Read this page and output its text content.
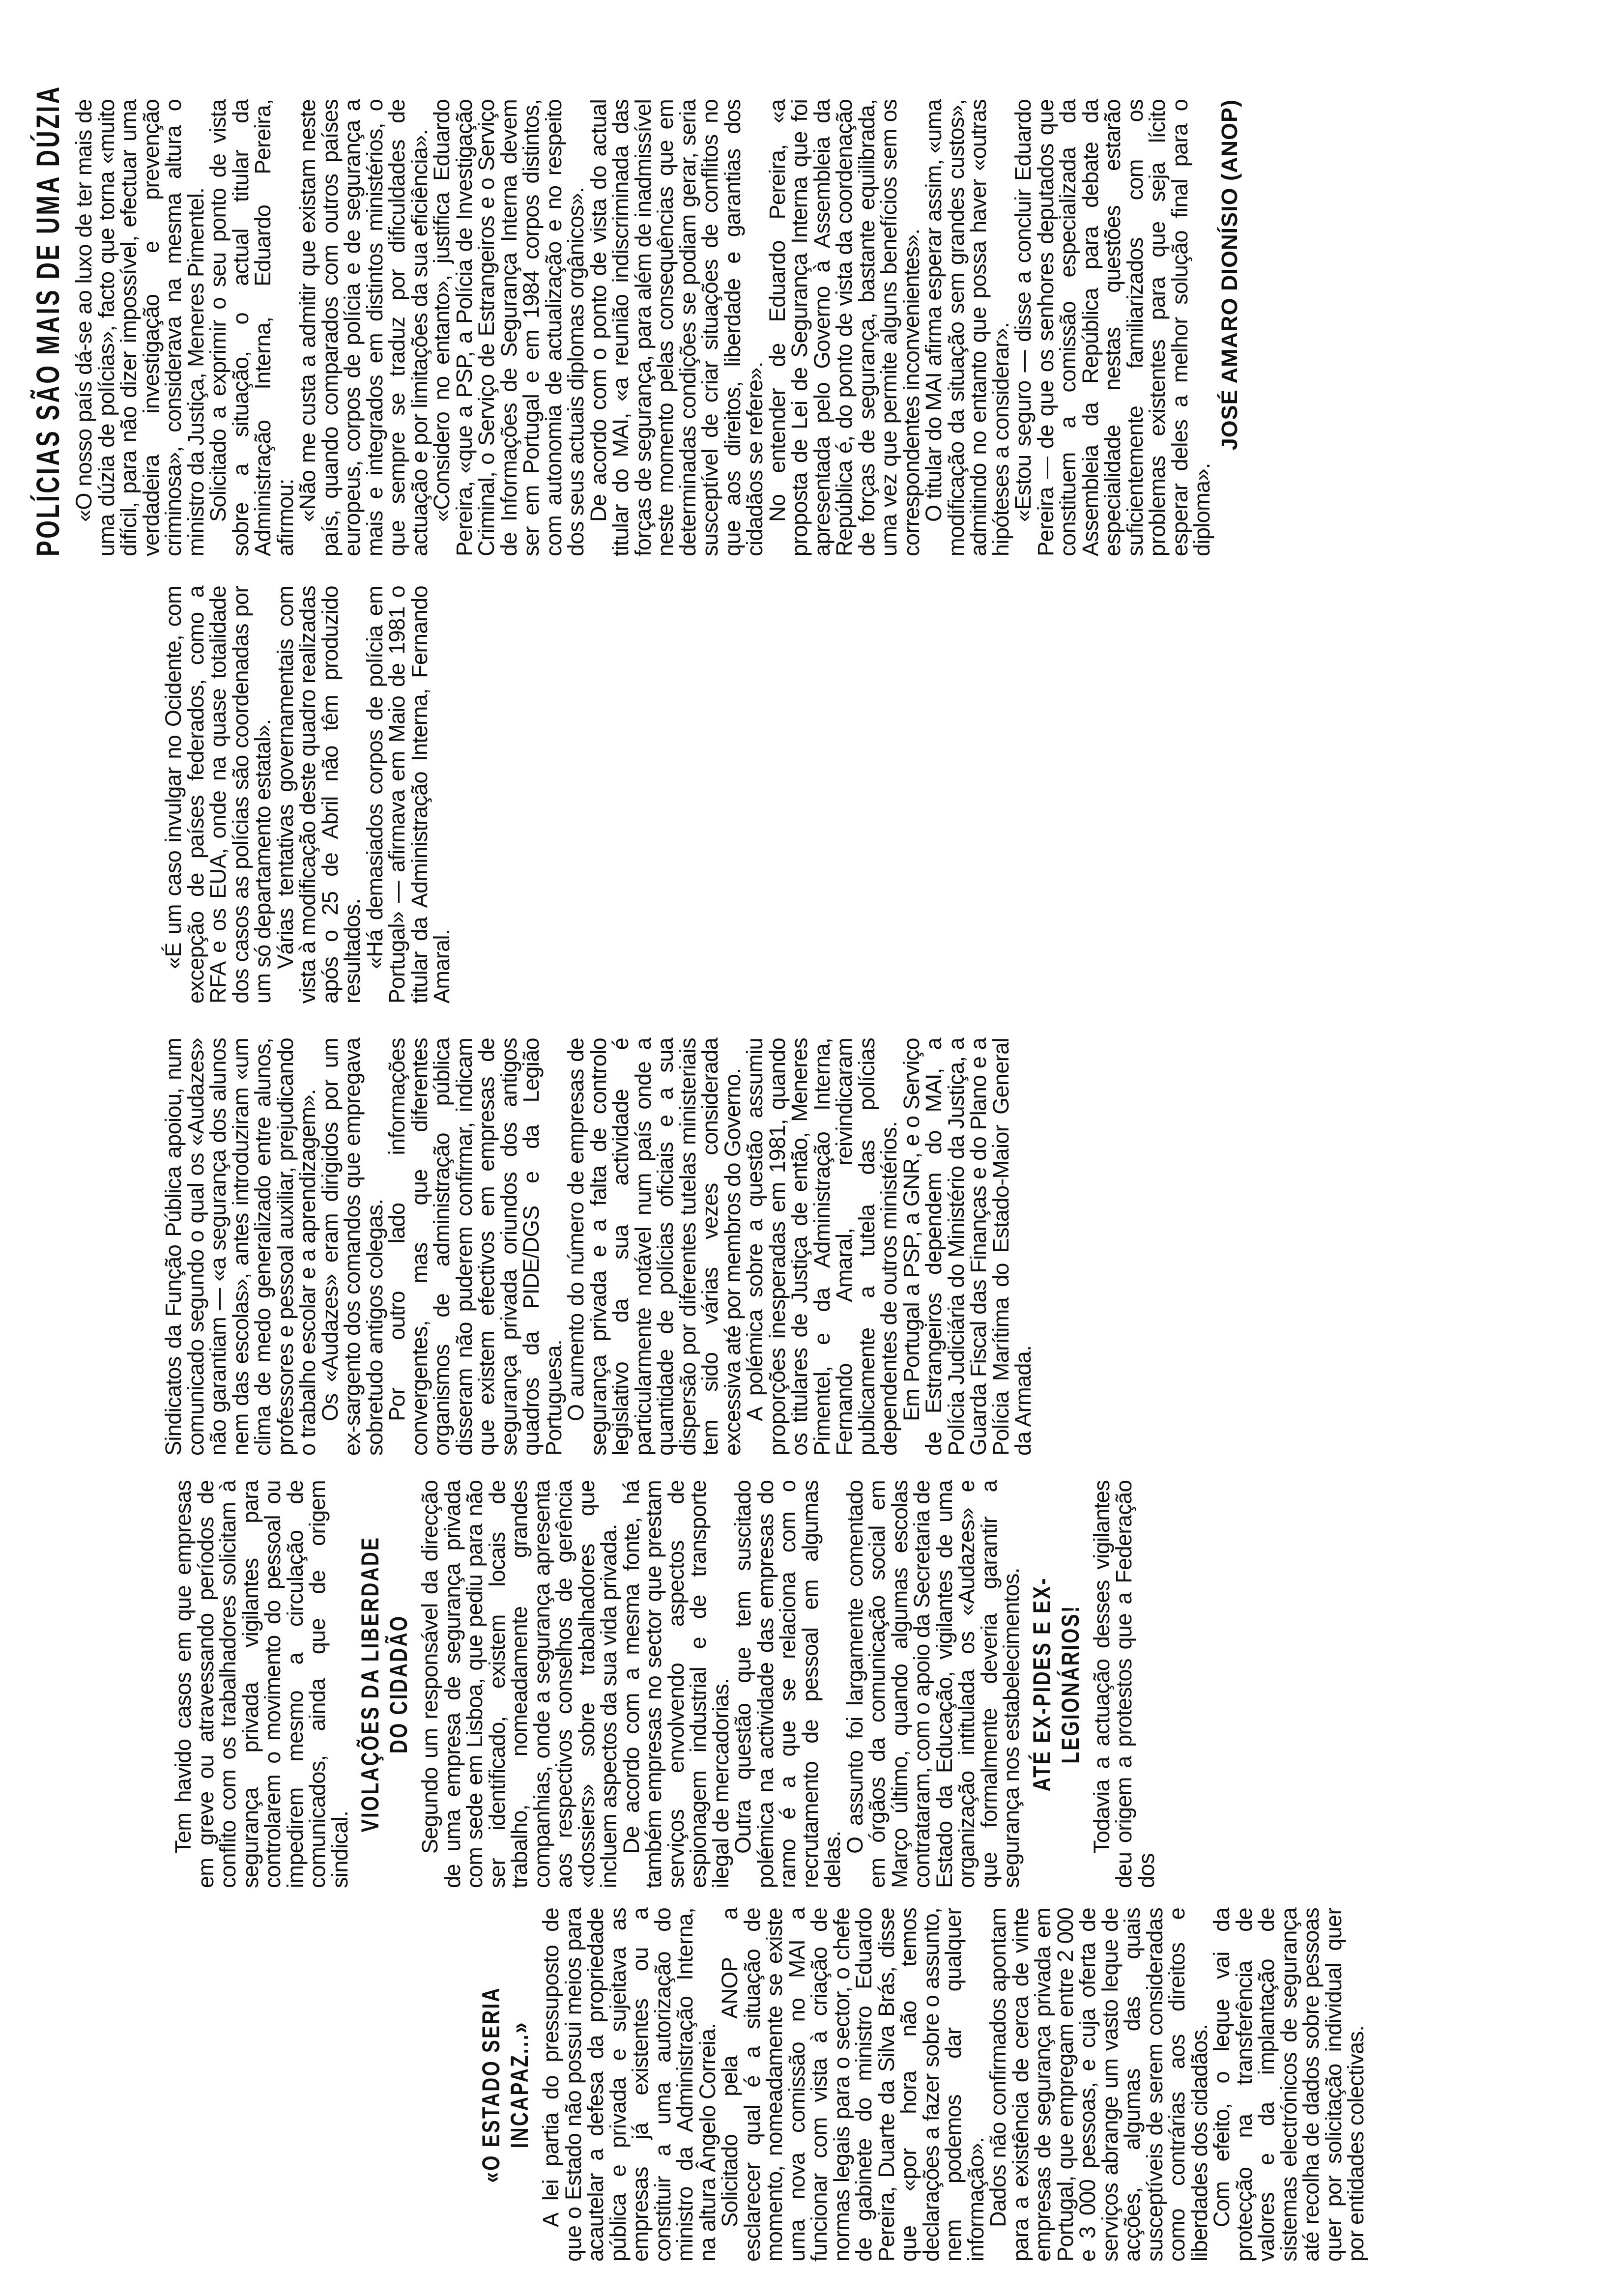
«O ESTADO SERIA INCAPAZ...» A lei partia do pressuposto de que o Estado não possui meios para acautelar a defesa da propriedade pública e privada e sujeitava as empresas já existentes ou a constituir a uma autorização do ministro da Administração Interna, na altura Ângelo Correia.

Solicitado pela ANOP a esclarecer qual é a situação de momento, nomeadamente se existe uma nova comissão no MAI a funcionar com vista à criação de normas legais para o sector, o chefe de gabinete do ministro Eduardo Pereira, Duarte da Silva Brás, disse que «por hora não temos declarações a fazer sobre o assunto, nem podemos dar qualquer informação».

Dados não confirmados apontam para a existência de cerca de vinte empresas de segurança privada em Portugal, que empregam entre 2 000 e 3 000 pessoas, e cuja oferta de serviços abrange um vasto leque de acções, algumas das quais susceptíveis de serem consideradas como contrárias aos direitos e liberdades dos cidadãos.

Com efeito, o leque vai da protecção na transferência de valores e da implantação de sistemas electrónicos de segurança até recolha de dados sobre pessoas quer por solicitação individual quer por entidades colectivas.

Tem havido casos em que empresas em greve ou atravessando períodos de conflito com os trabalhadores solicitam à segurança privada vigilantes para controlarem o movimento do pessoal ou impedirem mesmo a circulação de comunicados, ainda que de origem sindical.

VIOLAÇÕES DA LIBERDADE DO CIDADÃO Segundo um responsável da direcção de uma empresa de segurança privada com sede em Lisboa, que pediu para não ser identificado, existem locais de trabalho, nomeadamente grandes companhias, onde a segurança apresenta aos respectivos conselhos de gerência «dossiers» sobre trabalhadores que incluem aspectos da sua vida privada.

De acordo com a mesma fonte, há também empresas no sector que prestam serviços envolvendo aspectos de espionagem industrial e de transporte ilegal de mercadorias.

Outra questão que tem suscitado polémica na actividade das empresas do ramo é a que se relaciona com o recrutamento de pessoal em algumas delas.

O assunto foi largamente comentado em órgãos da comunicação social em Março último, quando algumas escolas contrataram, com o apoio da Secretaria de Estado da Educação, vigilantes de uma organização intitulada os «Audazes» e que formalmente deveria garantir a segurança nos estabelecimentos. ATÉ EX-PIDES E EX-LEGIONÁRIOS! Todavia a actuação desses vigilantes deu origem a protestos que a Federação dos

Sindicatos da Função Pública apoiou, num comunicado segundo o qual os «Audazes» não garantiam — «a segurança dos alunos nem das escolas», antes introduziram «um clima de medo generalizado entre alunos, professores e pessoal auxiliar, prejudicando o trabalho escolar e a aprendizagem».

Os «Audazes» eram dirigidos por um ex-sargento dos comandos que empregava sobretudo antigos colegas.

Por outro lado informações convergentes, mas que diferentes organismos de administração pública disseram não puderem confirmar, indicam que existem efectivos em empresas de segurança privada oriundos dos antigos quadros da PIDE/DGS e da Legião Portuguesa.

O aumento do número de empresas de segurança privada e a falta de controlo legislativo da sua actividade é particularmente notável num país onde a quantidade de polícias oficiais e a sua dispersão por diferentes tutelas ministeriais tem sido várias vezes considerada excessiva até por membros do Governo.

A polémica sobre a questão assumiu proporções inesperadas em 1981, quando os titulares de Justiça de então, Meneres Pimentel, e da Administração Interna, Fernando Amaral, reivindicaram publicamente a tutela das polícias dependentes de outros ministérios.

Em Portugal a PSP, a GNR, e o Serviço de Estrangeiros dependem do MAI, a Polícia Judiciária do Ministério da Justiça, a Guarda Fiscal das Finanças e do Plano e a Polícia Marítima do Estado-Maior General da Armada.

«É um caso invulgar no Ocidente, com excepção de países federados, como a RFA e os EUA, onde na quase totalidade dos casos as polícias são coordenadas por um só departamento estatal».

Várias tentativas governamentais com vista à modificação deste quadro realizadas após o 25 de Abril não têm produzido resultados.

«Há demasiados corpos de polícia em Portugal» — afirmava em Maio de 1981 o titular da Administração Interna, Fernando Amaral.

POLÍCIAS SÃO MAIS DE UMA DÚZIA «O nosso país dá-se ao luxo de ter mais de uma dúzia de polícias», facto que torna «muito difícil, para não dizer impossível, efectuar uma verdadeira investigação e prevenção criminosa», considerava na mesma altura o ministro da Justiça, Meneres Pimentel.

Solicitado a exprimir o seu ponto de vista sobre a situação, o actual titular da Administração Interna, Eduardo Pereira, afirmou:

«Não me custa a admitir que existam neste país, quando comparados com outros países europeus, corpos de polícia e de segurança a mais e integrados em distintos ministérios, o que sempre se traduz por dificuldades de actuação e por limitações da sua eficiência».

«Considero no entanto», justifica Eduardo Pereira, «que a PSP, a Polícia de Investigação Criminal, o Serviço de Estrangeiros e o Serviço de Informações de Segurança Interna devem ser em Portugal e em 1984 corpos distintos, com autonomia de actualização e no respeito dos seus actuais diplomas orgânicos».

De acordo com o ponto de vista do actual titular do MAI, «a reunião indiscriminada das forças de segurança, para além de inadmissível neste momento pelas consequências que em determinadas condições se podiam gerar, seria susceptível de criar situações de conflitos no que aos direitos, liberdade e garantias dos cidadãos se refere».

No entender de Eduardo Pereira, «a proposta de Lei de Segurança Interna que foi apresentada pelo Governo à Assembleia da República é, do ponto de vista da coordenação de forças de segurança, bastante equilibrada, uma vez que permite alguns benefícios sem os correspondentes inconvenientes».

O titular do MAI afirma esperar assim, «uma modificação da situação sem grandes custos», admitindo no entanto que possa haver «outras hipóteses a considerar».

«Estou seguro — disse a concluir Eduardo Pereira — de que os senhores deputados que constituem a comissão especializada da Assembleia da República para debate da especialidade nestas questões estarão suficientemente familiarizados com os problemas existentes para que seja lícito esperar deles a melhor solução final para o diploma».

JOSÉ AMARO DIONÍSIO (ANOP)
